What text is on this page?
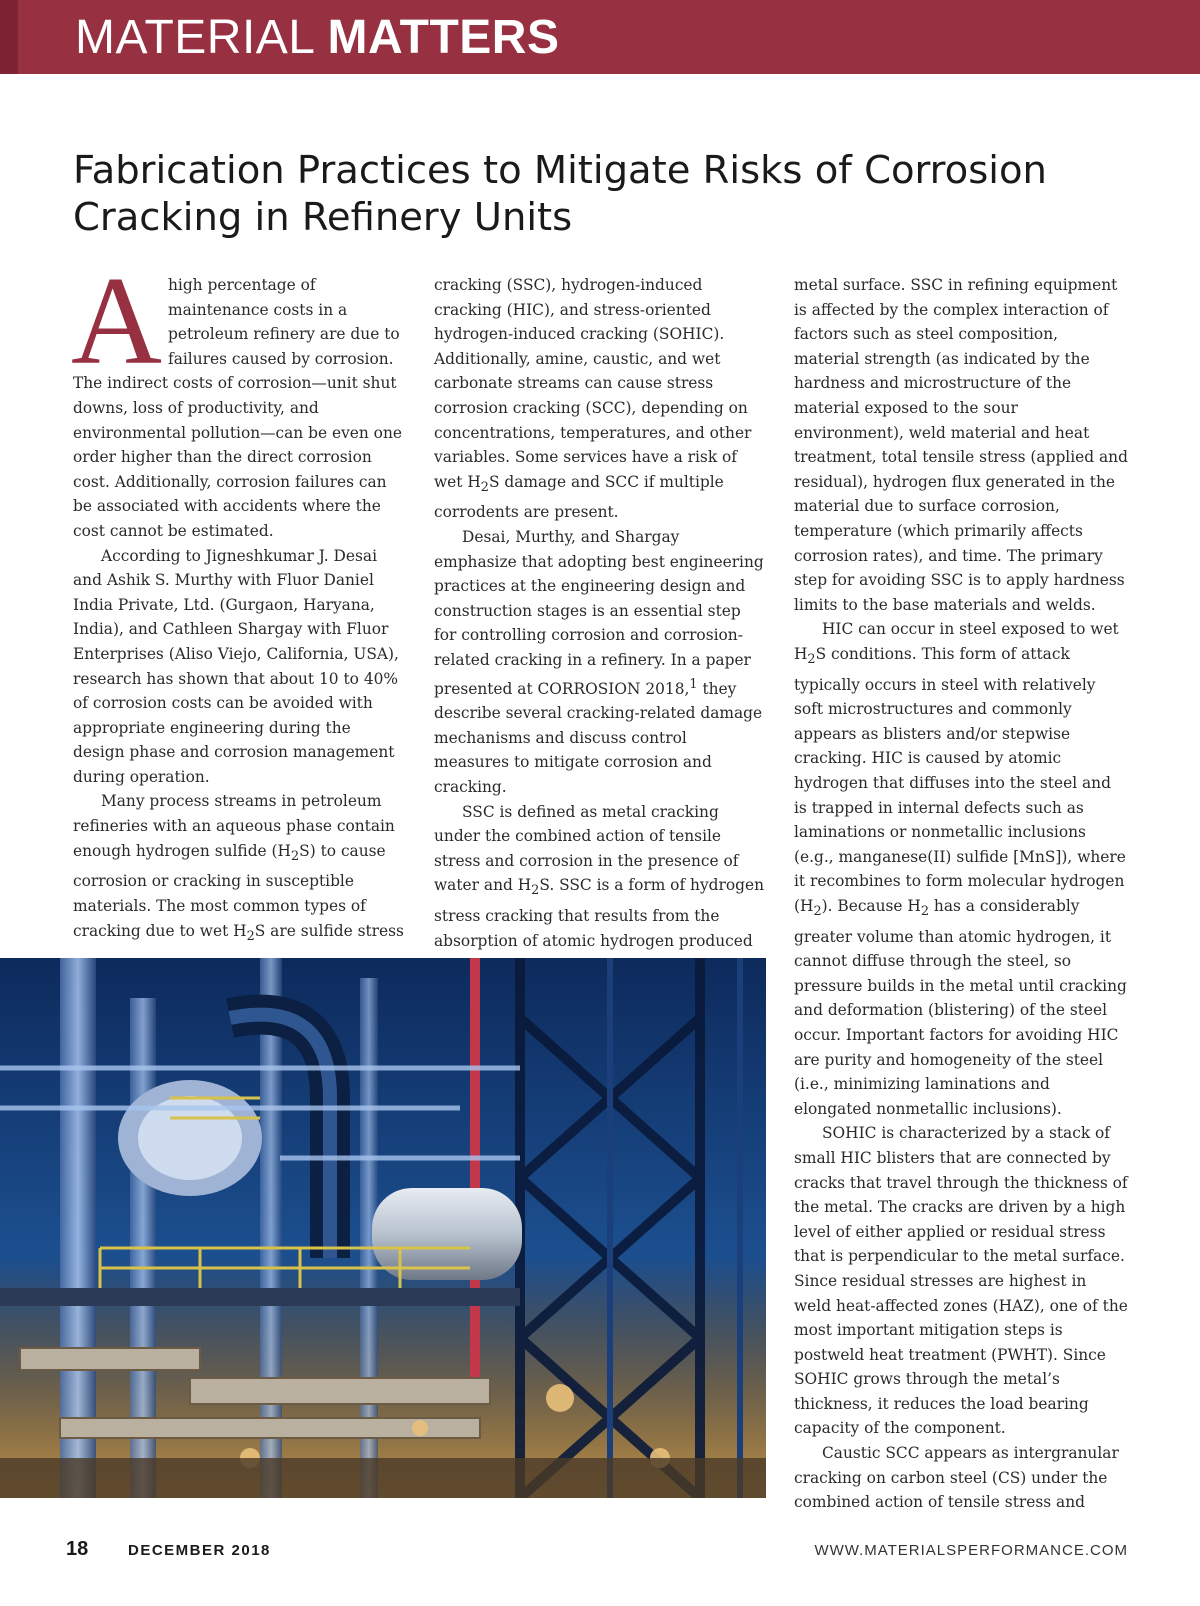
MATERIAL MATTERS
Fabrication Practices to Mitigate Risks of Corrosion Cracking in Refinery Units

Ahigh percentage of maintenance costs in a petroleum refinery are due to failures caused by corrosion. The indirect costs of corrosion—unit shut downs, loss of productivity, and environmental pollution—can be even one order higher than the direct corrosion cost. Additionally, corrosion failures can be associated with accidents where the cost cannot be estimated.

According to Jigneshkumar J. Desai and Ashik S. Murthy with Fluor Daniel India Private, Ltd. (Gurgaon, Haryana, India), and Cathleen Shargay with Fluor Enterprises (Aliso Viejo, California, USA), research has shown that about 10 to 40% of corrosion costs can be avoided with appropriate engineering during the design phase and corrosion management during operation.

Many process streams in petroleum refineries with an aqueous phase contain enough hydrogen sulfide $(H_2S)$ to cause corrosion or cracking in susceptible materials. The most common types of cracking due to wet $H_2S$ are sulfide stress

cracking (SSC), hydrogen-induced cracking (HIC), and stress-oriented hydrogen-induced cracking (SOHIC). Additionally, amine, caustic, and wet carbonate streams can cause stress corrosion cracking (SCC), depending on concentrations, temperatures, and other variables. Some services have a risk of wet $H_2S$ damage and SCC if multiple corrodents are present.

Desai, Murthy, and Shargay emphasize that adopting best engineering practices at the engineering design and construction stages is an essential step for controlling corrosion and corrosion-related cracking in a refinery. In a paper presented at CORROSION 2018,$^1$ they describe several cracking-related damage mechanisms and discuss control measures to mitigate corrosion and cracking.

SSC is defined as metal cracking under the combined action of tensile stress and corrosion in the presence of water and $H_2S$. SSC is a form of hydrogen stress cracking that results from the absorption of atomic hydrogen produced

metal surface. SSC in refining equipment is affected by the complex interaction of factors such as steel composition, material strength (as indicated by the hardness and microstructure of the material exposed to the sour environment), weld material and heat treatment, total tensile stress (applied and residual), hydrogen flux generated in the material due to surface corrosion, temperature (which primarily affects corrosion rates), and time. The primary step for avoiding SSC is to apply hardness limits to the base materials and welds.

HIC can occur in steel exposed to wet $H_2S$ conditions. This form of attack typically occurs in steel with relatively soft microstructures and commonly appears as blisters and/or stepwise cracking. HIC is caused by atomic hydrogen that diffuses into the steel and is trapped in internal defects such as laminations or nonmetallic inclusions (e.g., manganese(II) sulfide [MnS]), where it recombines to form molecular hydrogen $(H_2)$. Because $H_2$ has a considerably greater volume than atomic hydrogen, it cannot diffuse through the steel, so pressure builds in the metal until cracking and deformation (blistering) of the steel occur. Important factors for avoiding HIC are purity and homogeneity of the steel (i.e., minimizing laminations and elongated nonmetallic inclusions).

SOHIC is characterized by a stack of small HIC blisters that are connected by cracks that travel through the thickness of the metal. The cracks are driven by a high level of either applied or residual stress that is perpendicular to the metal surface. Since residual stresses are highest in weld heat-affected zones (HAZ), one of the most important mitigation steps is postweld heat treatment (PWHT). Since SOHIC grows through the metal’s thickness, it reduces the load bearing capacity of the component.

Caustic SCC appears as intergranular cracking on carbon steel (CS) under the combined action of tensile stress and

18	DECEMBER 2018	WWW.MATERIALSPERFORMANCE.COM
